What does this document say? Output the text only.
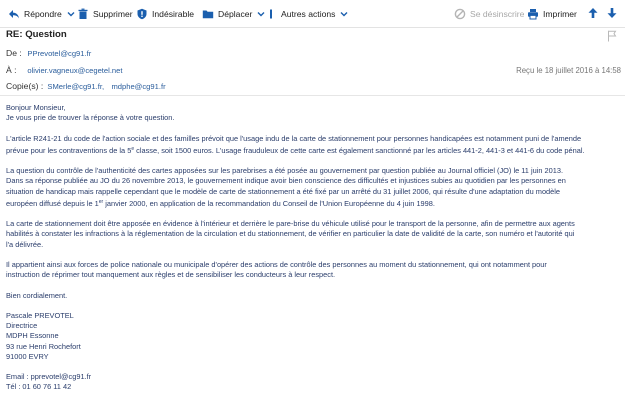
Répondre	Supprimer Indésirable	Déplacer	Autres actions	Se désinscrire Imprimer
RE: Question
De : PPrevotel@cg91.fr
À : olivier.vagneux@cegetel.net	Reçu le 18 juillet 2016 à 14:58
Copie(s) : SMerle@cg91.fr, mdphe@cg91.fr

Bonjour Monsieur,

Je vous prie de trouver la réponse à votre question.

L'article R241-21 du code de l'action sociale et des familles prévoit que l'usage indu de la carte de stationnement pour personnes handicapées est notamment puni de l'amende
prévue pour les contraventions de la 5e classe, soit 1500 euros. L'usage frauduleux de cette carte est également sanctionné par les articles 441-2, 441-3 et 441-6 du code pénal.

La question du contrôle de l'authenticité des cartes apposées sur les parebrises a été posée au gouvernement par question publiée au Journal officiel (JO) le 11 juin 2013.
Dans sa réponse publiée au JO du 26 novembre 2013, le gouvernement indique avoir bien conscience des difficultés et injustices subies au quotidien par les personnes en
situation de handicap mais rappelle cependant que le modèle de carte de stationnement a été fixé par un arrêté du 31 juillet 2006, qui résulte d'une adaptation du modèle
européen diffusé depuis le 1er janvier 2000, en application de la recommandation du Conseil de l'Union Européenne du 4 juin 1998.

La carte de stationnement doit être apposée en évidence à l'intérieur et derrière le pare-brise du véhicule utilisé pour le transport de la personne, afin de permettre aux agents
habilités à constater les infractions à la réglementation de la circulation et du stationnement, de vérifier en particulier la date de validité de la carte, son numéro et l'autorité qui
l'a délivrée.

Il appartient ainsi aux forces de police nationale ou municipale d'opérer des actions de contrôle des personnes au moment du stationnement, qui ont notamment pour
instruction de réprimer tout manquement aux règles et de sensibiliser les conducteurs à leur respect.

Bien cordialement.

Pascale PREVOTEL
Directrice
MDPH Essonne
93 rue Henri Rochefort
91000 EVRY

Email : pprevotel@cg91.fr
Tél : 01 60 76 11 42
